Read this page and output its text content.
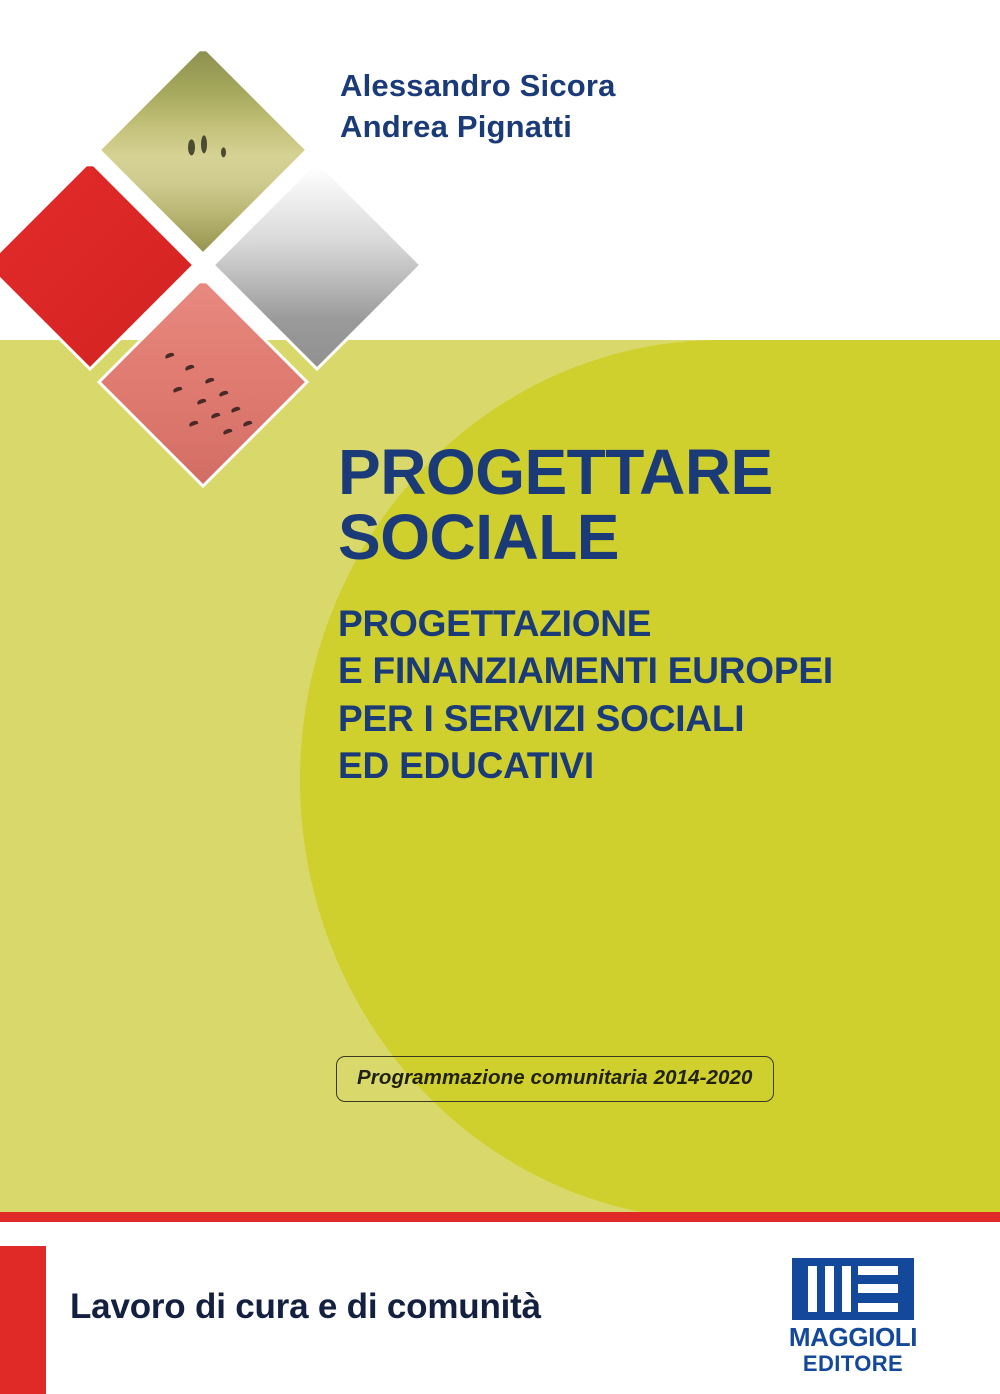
Alessandro Sicora
Andrea Pignatti
PROGETTARE
SOCIALE
PROGETTAZIONE
E FINANZIAMENTI EUROPEI
PER I SERVIZI SOCIALI
ED EDUCATIVI
Programmazione comunitaria 2014-2020
Lavoro di cura e di comunità
MAGGIOLI
EDITORE
